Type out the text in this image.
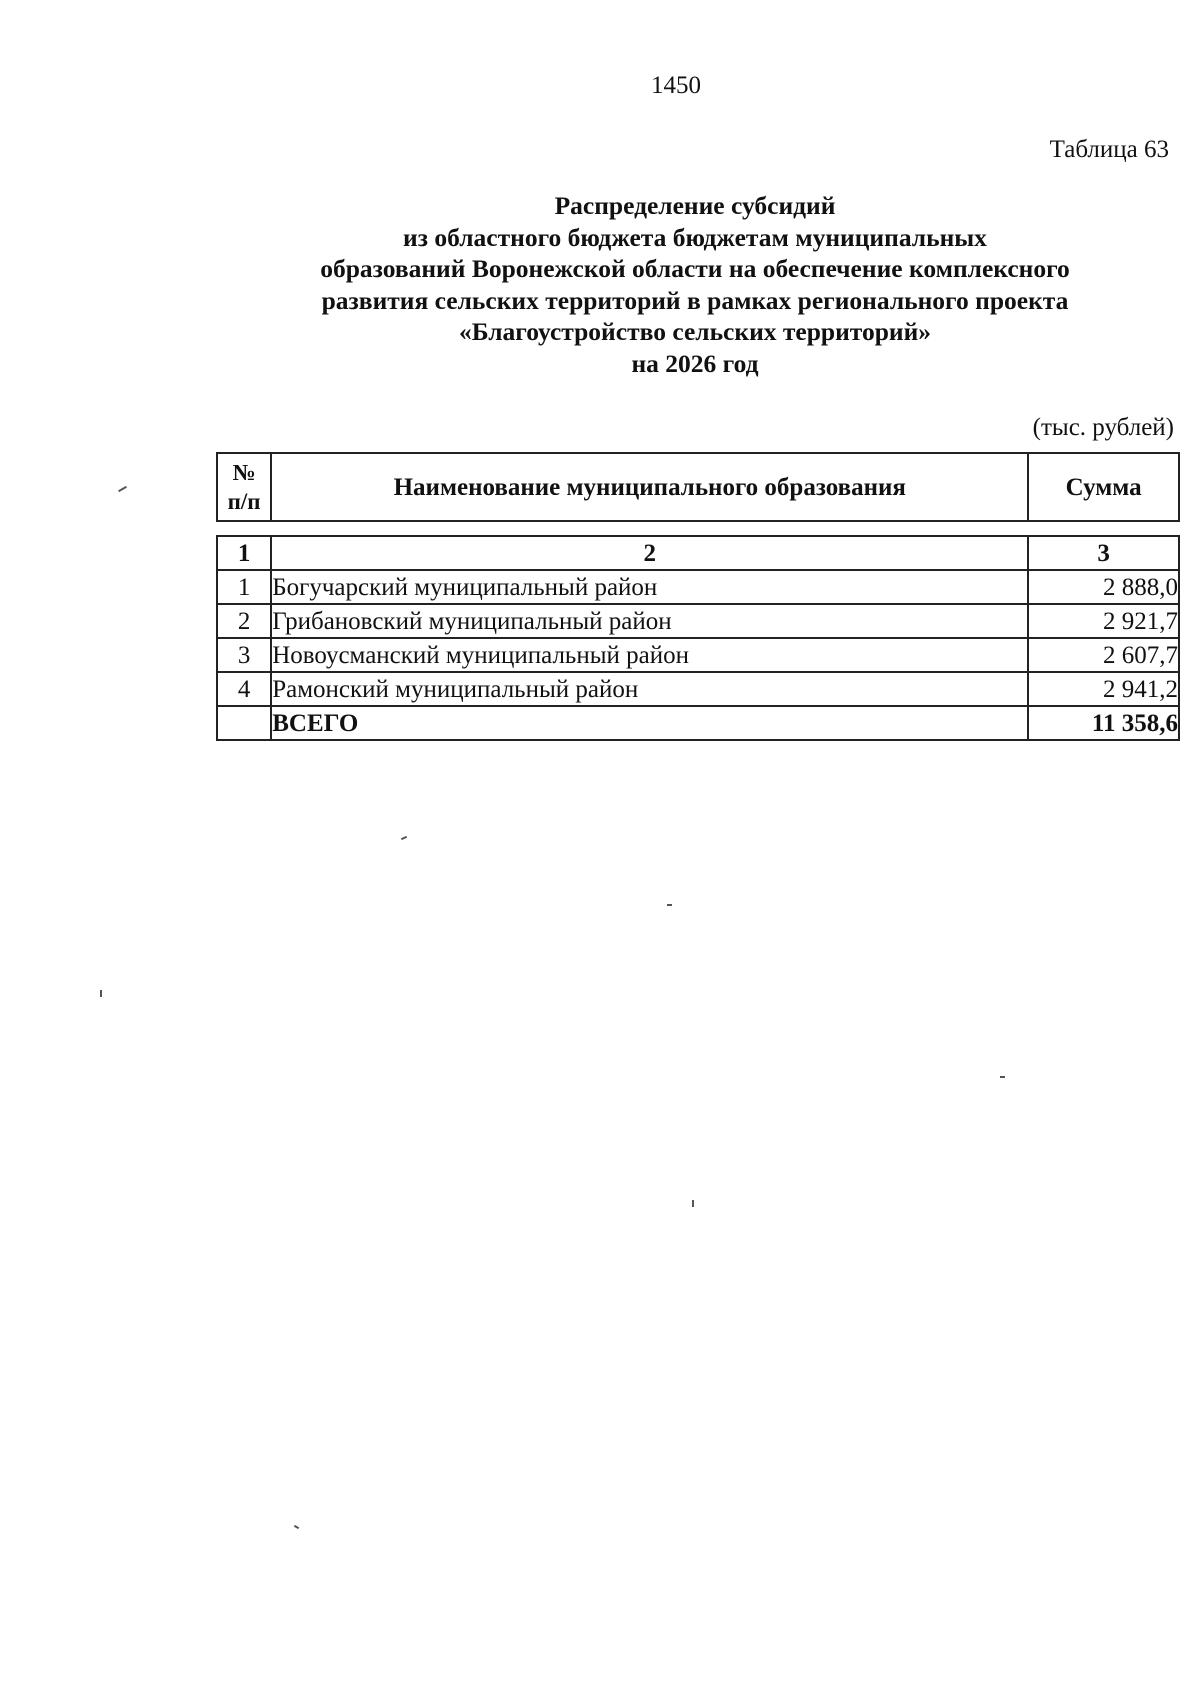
1450
Таблица 63
Распределение субсидий
из областного бюджета бюджетам муниципальных
образований Воронежской области на обеспечение комплексного
развития сельских территорий в рамках регионального проекта
«Благоустройство сельских территорий»
на 2026 год
(тыс. рублей)
№
п/п
	Наименование муниципального образования	Сумма
1	2	3
1	Богучарский муниципальный район	2 888,0
2	Грибановский муниципальный район	2 921,7
3	Новоусманский муниципальный район	2 607,7
4	Рамонский муниципальный район	2 941,2
	ВСЕГО	11 358,6
